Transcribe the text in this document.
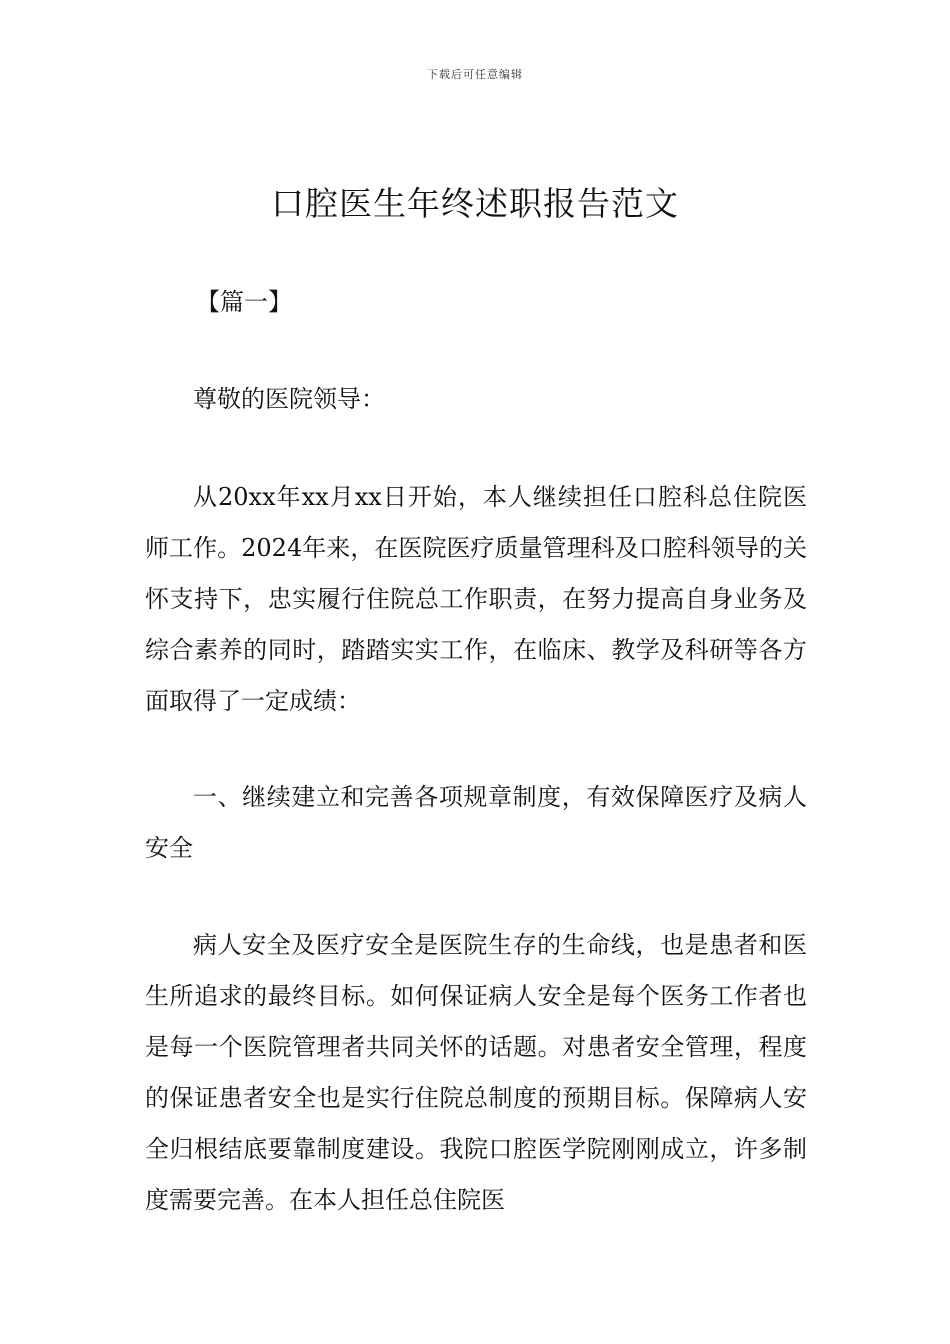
下载后可任意编辑
口腔医生年终述职报告范文
【篇一】

尊敬的医院领导：

从20xx年xx月xx日开始，本人继续担任口腔科总住院医师工作。2024年来，在医院医疗质量管理科及口腔科领导的关怀支持下，忠实履行住院总工作职责，在努力提高自身业务及综合素养的同时，踏踏实实工作，在临床、教学及科研等各方面取得了一定成绩：

一、继续建立和完善各项规章制度，有效保障医疗及病人安全

病人安全及医疗安全是医院生存的生命线，也是患者和医生所追求的最终目标。如何保证病人安全是每个医务工作者也是每一个医院管理者共同关怀的话题。对患者安全管理，程度的保证患者安全也是实行住院总制度的预期目标。保障病人安全归根结底要靠制度建设。我院口腔医学院刚刚成立，许多制度需要完善。在本人担任总住院医
